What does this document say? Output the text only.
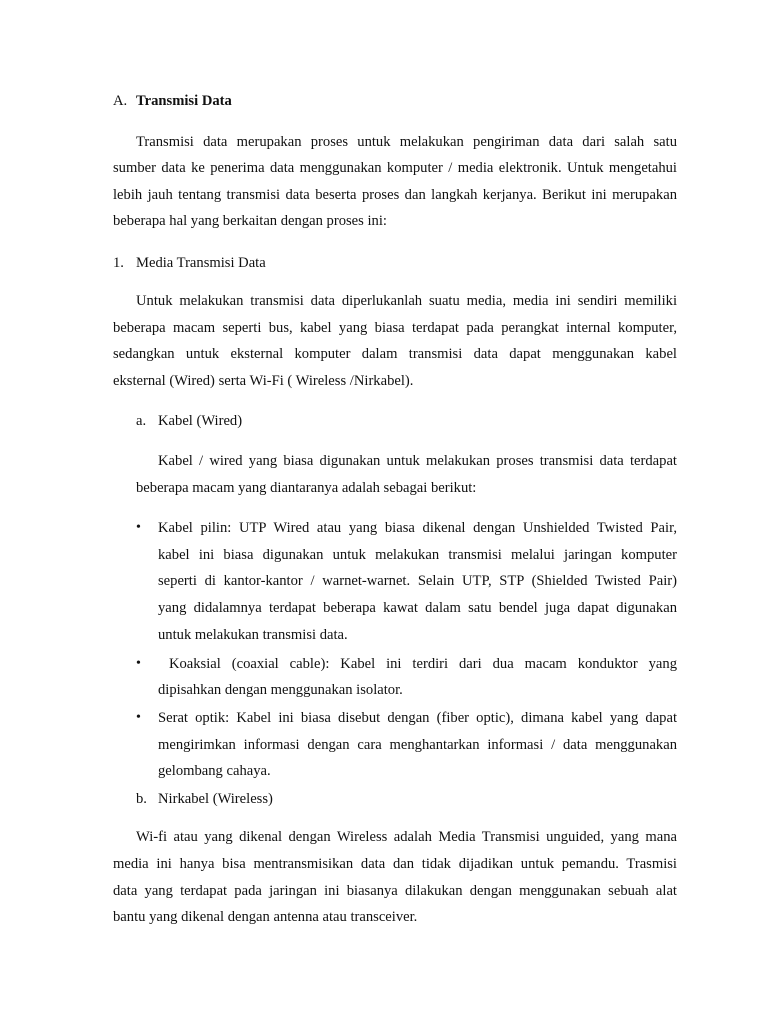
A. Transmisi Data
Transmisi data merupakan proses untuk melakukan pengiriman data dari salah satu
sumber data ke penerima data menggunakan komputer / media elektronik. Untuk mengetahui
lebih jauh tentang transmisi data beserta proses dan langkah kerjanya. Berikut ini merupakan
beberapa hal yang berkaitan dengan proses ini:
1. Media Transmisi Data
Untuk melakukan transmisi data diperlukanlah suatu media, media ini sendiri memiliki
beberapa macam seperti bus, kabel yang biasa terdapat pada perangkat internal komputer,
sedangkan untuk eksternal komputer dalam transmisi data dapat menggunakan kabel
eksternal (Wired) serta Wi-Fi ( Wireless /Nirkabel).
a. Kabel (Wired)
Kabel / wired yang biasa digunakan untuk melakukan proses transmisi data terdapat
beberapa macam yang diantaranya adalah sebagai berikut:
• Kabel pilin: UTP Wired atau yang biasa dikenal dengan Unshielded Twisted Pair,
kabel ini biasa digunakan untuk melakukan transmisi melalui jaringan komputer
seperti di kantor-kantor / warnet-warnet. Selain UTP, STP (Shielded Twisted Pair)
yang didalamnya terdapat beberapa kawat dalam satu bendel juga dapat digunakan
untuk melakukan transmisi data.
• Koaksial (coaxial cable): Kabel ini terdiri dari dua macam konduktor yang
dipisahkan dengan menggunakan isolator.
• Serat optik: Kabel ini biasa disebut dengan (fiber optic), dimana kabel yang dapat
mengirimkan informasi dengan cara menghantarkan informasi / data menggunakan
gelombang cahaya.
b. Nirkabel (Wireless)
Wi-fi atau yang dikenal dengan Wireless adalah Media Transmisi unguided, yang mana
media ini hanya bisa mentransmisikan data dan tidak dijadikan untuk pemandu. Trasmisi
data yang terdapat pada jaringan ini biasanya dilakukan dengan menggunakan sebuah alat
bantu yang dikenal dengan antenna atau transceiver.
